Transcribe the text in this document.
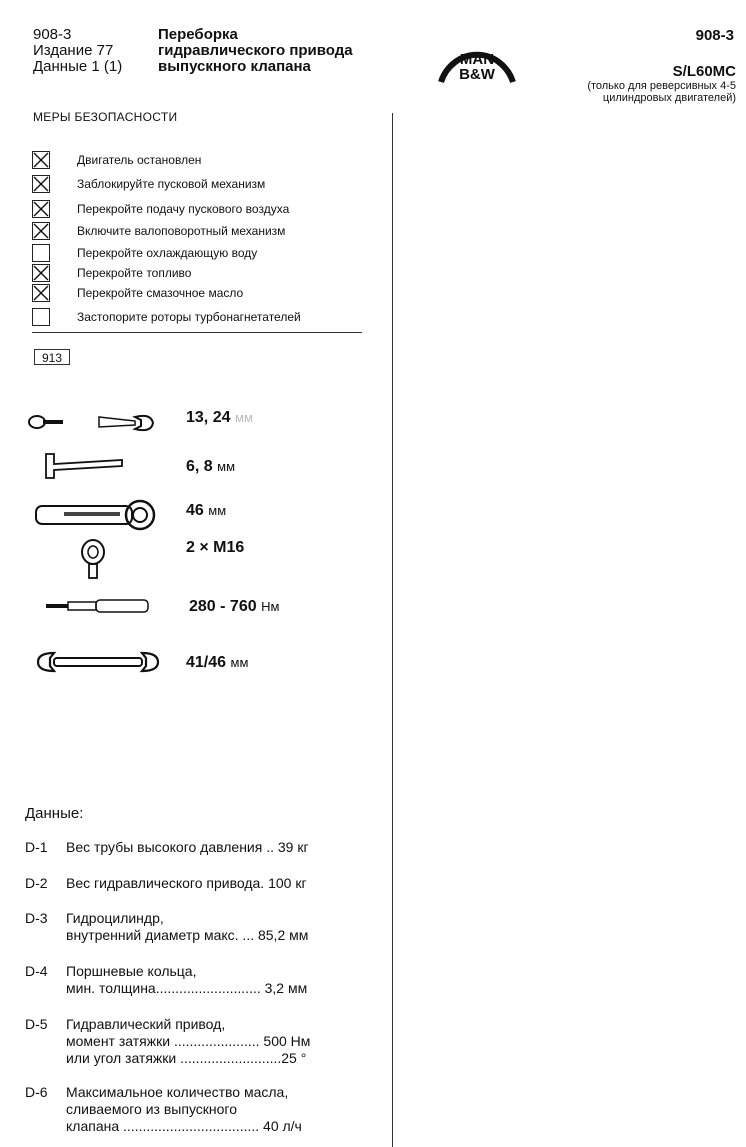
908-3
Издание 77
Данные 1 (1)
Переборка
гидравлического привода
выпускного клапана	MAN
B&W
908-3
S/L60MC
(только для реверсивных 4-5
цилиндровых двигателей)
МЕРЫ БЕЗОПАСНОСТИ
Двигатель остановлен
Заблокируйте пусковой механизм
Перекройте подачу пускового воздуха
Включите валоповоротный механизм
Перекройте охлаждающую воду
Перекройте топливо
Перекройте смазочное масло
Застопорите роторы турбонагнетателей
913
13, 24 мм
6, 8 мм
46 мм
2 × M16
280 - 760 Нм
41/46 мм
Данные:
D-1 Вес трубы высокого давления .. 39 кг
D-2 Вес гидравлического привода. 100 кг
D-3 Гидроцилиндр,
внутренний диаметр макс. ... 85,2 мм
D-4 Поршневые кольца,
мин. толщина........................... 3,2 мм
D-5 Гидравлический привод,
момент затяжки ...................... 500 Нм
или угол затяжки ..........................25 °
D-6 Максимальное количество масла,
сливаемого из выпускного
клапана ................................... 40 л/ч
